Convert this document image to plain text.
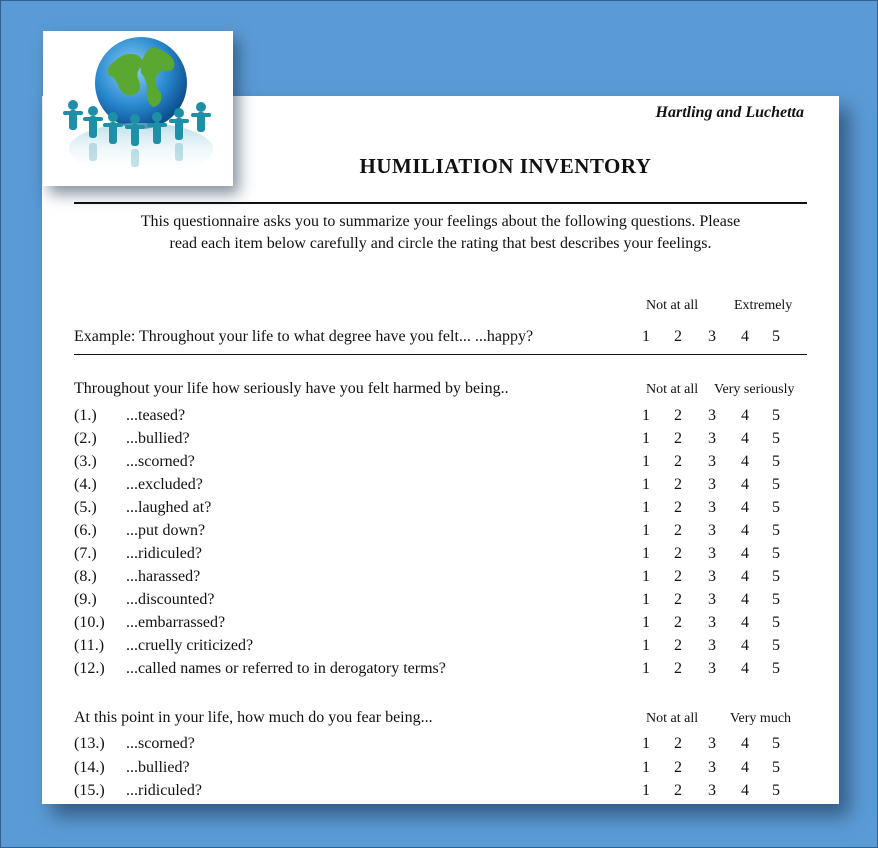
Hartling and Luchetta
HUMILIATION INVENTORY
This questionnaire asks you to summarize your feelings about the following questions. Please
read each item below carefully and circle the rating that best describes your feelings.
Not at all	Extremely
Example: Throughout your life to what degree have you felt... ...happy?	1 2 3 4 5
Throughout your life how seriously have you felt harmed by being..	Not at all Very seriously
(1.)	...teased?	1 2 3 4 5
(2.)	...bullied?	1 2 3 4 5
(3.)	...scorned?	1 2 3 4 5
(4.)	...excluded?	1 2 3 4 5
(5.)	...laughed at?	1 2 3 4 5
(6.)	...put down?	1 2 3 4 5
(7.)	...ridiculed?	1 2 3 4 5
(8.)	...harassed?	1 2 3 4 5
(9.)	...discounted?	1 2 3 4 5
(10.)	...embarrassed?	1 2 3 4 5
(11.)	...cruelly criticized?	1 2 3 4 5
(12.)	...called names or referred to in derogatory terms?	1 2 3 4 5
At this point in your life, how much do you fear being...	Not at all Very much
(13.)	...scorned?	1 2 3 4 5
(14.)	...bullied?	1 2 3 4 5
(15.)	...ridiculed?	1 2 3 4 5
